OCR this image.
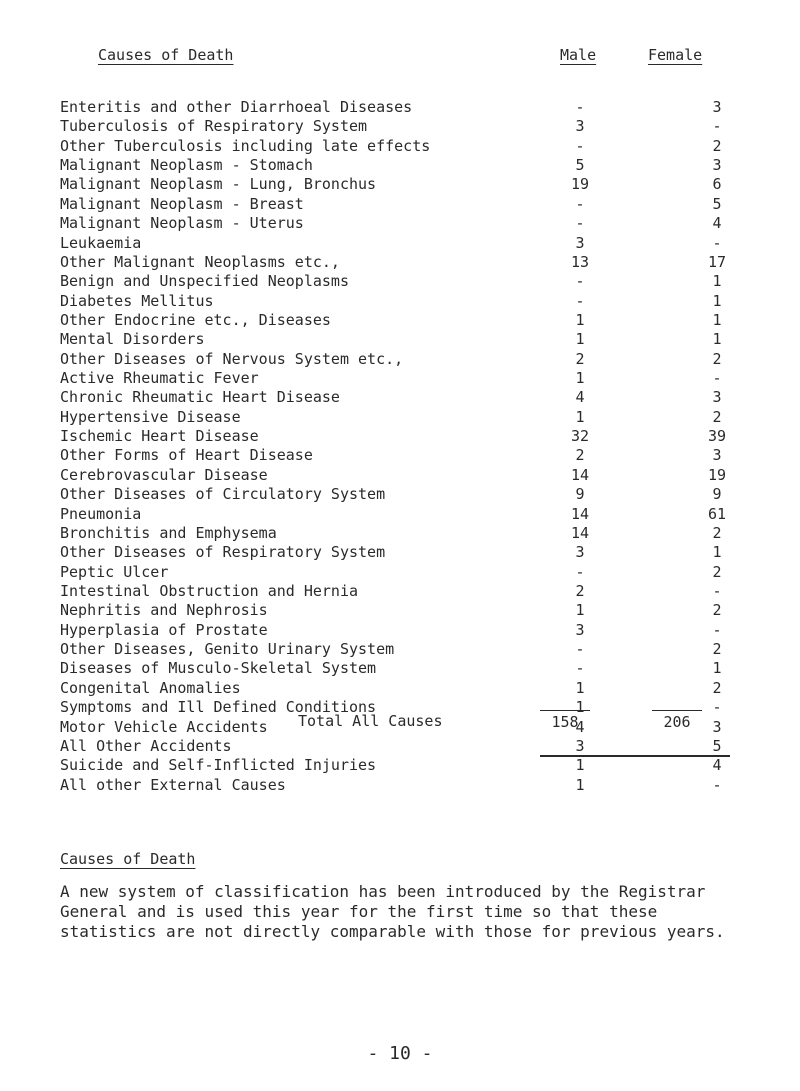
Causes of Death	Male	Female
Enteritis and other Diarrhoeal Diseases	-	3
Tuberculosis of Respiratory System	3	-
Other Tuberculosis including late effects	-	2
Malignant Neoplasm - Stomach	5	3
Malignant Neoplasm - Lung, Bronchus	19	6
Malignant Neoplasm - Breast	-	5
Malignant Neoplasm - Uterus	-	4
Leukaemia	3	-
Other Malignant Neoplasms etc.,	13	17
Benign and Unspecified Neoplasms	-	1
Diabetes Mellitus	-	1
Other Endocrine etc., Diseases	1	1
Mental Disorders	1	1
Other Diseases of Nervous System etc.,	2	2
Active Rheumatic Fever	1	-
Chronic Rheumatic Heart Disease	4	3
Hypertensive Disease	1	2
Ischemic Heart Disease	32	39
Other Forms of Heart Disease	2	3
Cerebrovascular Disease	14	19
Other Diseases of Circulatory System	9	9
Pneumonia	14	61
Bronchitis and Emphysema	14	2
Other Diseases of Respiratory System	3	1
Peptic Ulcer	-	2
Intestinal Obstruction and Hernia	2	-
Nephritis and Nephrosis	1	2
Hyperplasia of Prostate	3	-
Other Diseases, Genito Urinary System	-	2
Diseases of Musculo-Skeletal System	-	1
Congenital Anomalies	1	2
Symptoms and Ill Defined Conditions	1	-
Motor Vehicle Accidents	4	3
All Other Accidents	3	5
Suicide and Self-Inflicted Injuries	1	4
All other External Causes	1	-
Total All Causes	158	206
Causes of Death
A new system of classification has been introduced by the Registrar General and is used this year for the first time so that these statistics are not directly comparable with those for previous years.
- 10 -
